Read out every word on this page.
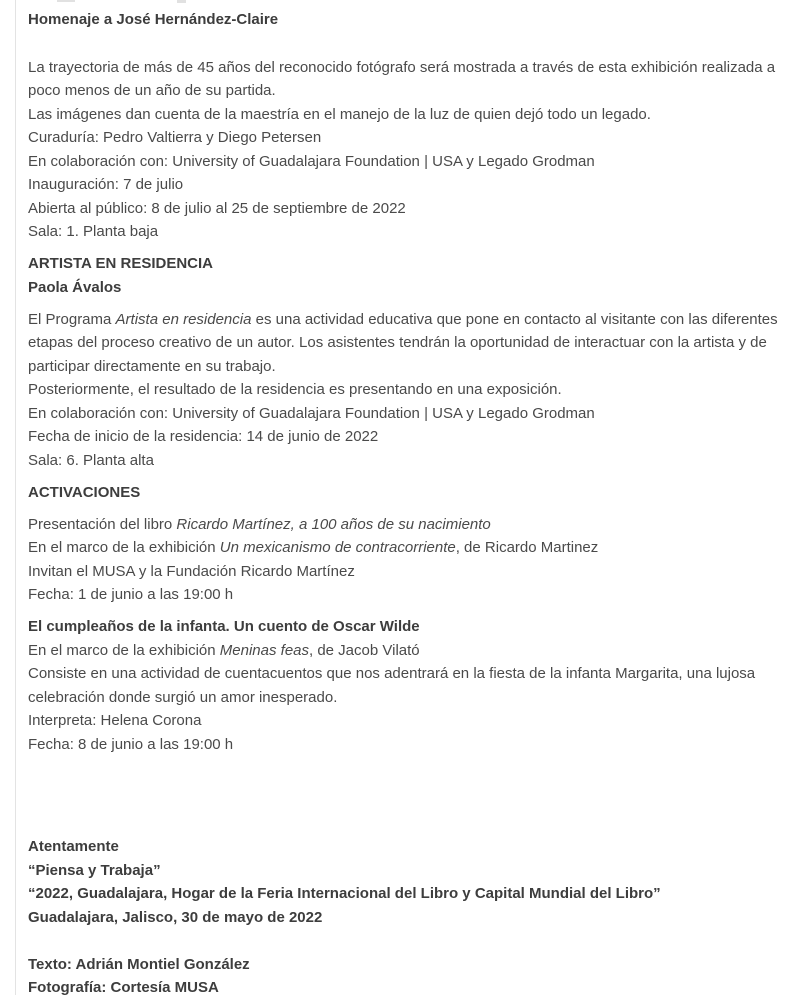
Homenaje a José Hernández-Claire
La trayectoria de más de 45 años del reconocido fotógrafo será mostrada a través de esta exhibición realizada a
poco menos de un año de su partida.
Las imágenes dan cuenta de la maestría en el manejo de la luz de quien dejó todo un legado.
Curaduría: Pedro Valtierra y Diego Petersen
En colaboración con: University of Guadalajara Foundation | USA y Legado Grodman
Inauguración: 7 de julio
Abierta al público: 8 de julio al 25 de septiembre de 2022
Sala: 1. Planta baja
ARTISTA EN RESIDENCIA
Paola Ávalos
El Programa Artista en residencia es una actividad educativa que pone en contacto al visitante con las diferentes
etapas del proceso creativo de un autor. Los asistentes tendrán la oportunidad de interactuar con la artista y de
participar directamente en su trabajo.
Posteriormente, el resultado de la residencia es presentando en una exposición.
En colaboración con: University of Guadalajara Foundation | USA y Legado Grodman
Fecha de inicio de la residencia: 14 de junio de 2022
Sala: 6. Planta alta
ACTIVACIONES
Presentación del libro Ricardo Martínez, a 100 años de su nacimiento
En el marco de la exhibición Un mexicanismo de contracorriente, de Ricardo Martinez
Invitan el MUSA y la Fundación Ricardo Martínez
Fecha: 1 de junio a las 19:00 h
El cumpleaños de la infanta. Un cuento de Oscar Wilde
En el marco de la exhibición Meninas feas, de Jacob Vilató
Consiste en una actividad de cuentacuentos que nos adentrará en la fiesta de la infanta Margarita, una lujosa
celebración donde surgió un amor inesperado.
Interpreta: Helena Corona
Fecha: 8 de junio a las 19:00 h
Atentamente
“Piensa y Trabaja”
“2022, Guadalajara, Hogar de la Feria Internacional del Libro y Capital Mundial del Libro”
Guadalajara, Jalisco, 30 de mayo de 2022

Texto: Adrián Montiel González
Fotografía: Cortesía MUSA
